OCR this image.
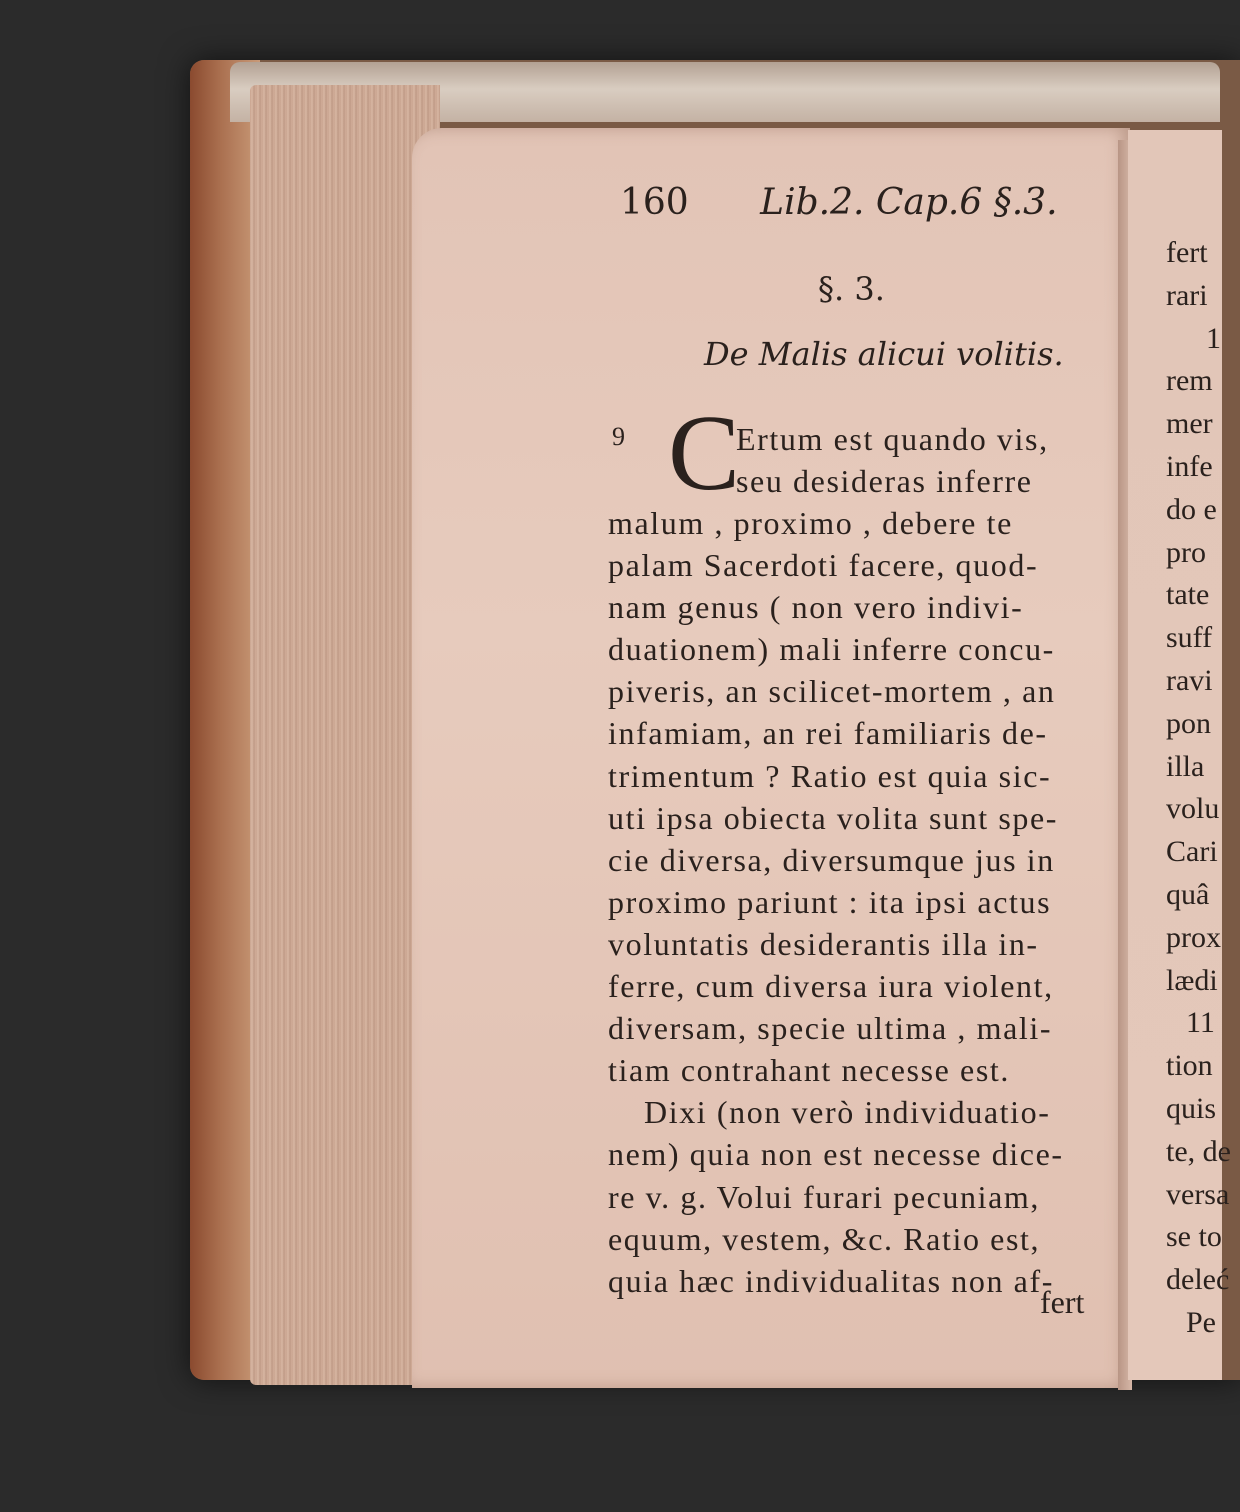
160 Lib.2. Cap.6 §.3.
§. 3.
De Malis alicui volitis.
9 C
Ertum est quando vis,
seu desideras inferre
malum , proximo , debere te
palam Sacerdoti facere, quod-
nam genus ( non vero indivi-
duationem) mali inferre concu-
piveris, an scilicet-mortem , an
infamiam, an rei familiaris de-
trimentum ? Ratio est quia sic-
uti ipsa obiecta volita sunt spe-
cie diversa, diversumque jus in
proximo pariunt : ita ipsi actus
voluntatis desiderantis illa in-
ferre, cum diversa iura violent,
diversam, specie ultima , mali-
tiam contrahant necesse est.
Dixi (non verò individuatio-
nem) quia non est necesse dice-
re v. g. Volui furari pecuniam,
equum, vestem, &c. Ratio est,
quia hæc individualitas non af-
fert
fert
rari
1
rem
mer
infe
do e
pro
tate
suff
ravi
pon
illa
volu
Cari
quâ
prox
lædi
11
tion
quis
te, de
versa
se to
deleć
Pe
